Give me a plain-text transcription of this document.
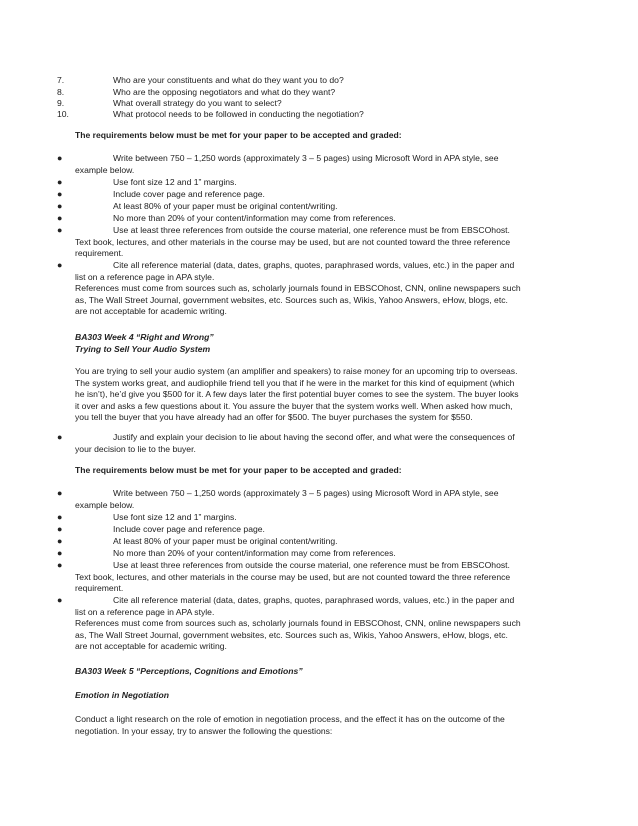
7.	Who are your constituents and what do they want you to do?
8.	Who are the opposing negotiators and what do they want?
9.	What overall strategy do you want to select?
10.	What protocol needs to be followed in conducting the negotiation?
The requirements below must be met for your paper to be accepted and graded:
●	Write between 750 – 1,250 words (approximately 3 – 5 pages) using Microsoft Word in APA style, see
example below.
●	Use font size 12 and 1” margins.
●	Include cover page and reference page.
●	At least 80% of your paper must be original content/writing.
●	No more than 20% of your content/information may come from references.
●	Use at least three references from outside the course material, one reference must be from EBSCOhost.
Text book, lectures, and other materials in the course may be used, but are not counted toward the three reference
requirement.
●	Cite all reference material (data, dates, graphs, quotes, paraphrased words, values, etc.) in the paper and
list on a reference page in APA style.
References must come from sources such as, scholarly journals found in EBSCOhost, CNN, online newspapers such
as, The Wall Street Journal, government websites, etc. Sources such as, Wikis, Yahoo Answers, eHow, blogs, etc.
are not acceptable for academic writing.
BA303 Week 4 “Right and Wrong”
Trying to Sell Your Audio System
You are trying to sell your audio system (an amplifier and speakers) to raise money for an upcoming trip to overseas.
The system works great, and audiophile friend tell you that if he were in the market for this kind of equipment (which
he isn’t), he’d give you $500 for it. A few days later the first potential buyer comes to see the system. The buyer looks
it over and asks a few questions about it. You assure the buyer that the system works well. When asked how much,
you tell the buyer that you have already had an offer for $500. The buyer purchases the system for $550.
●	Justify and explain your decision to lie about having the second offer, and what were the consequences of
your decision to lie to the buyer.
The requirements below must be met for your paper to be accepted and graded:
●	Write between 750 – 1,250 words (approximately 3 – 5 pages) using Microsoft Word in APA style, see
example below.
●	Use font size 12 and 1” margins.
●	Include cover page and reference page.
●	At least 80% of your paper must be original content/writing.
●	No more than 20% of your content/information may come from references.
●	Use at least three references from outside the course material, one reference must be from EBSCOhost.
Text book, lectures, and other materials in the course may be used, but are not counted toward the three reference
requirement.
●	Cite all reference material (data, dates, graphs, quotes, paraphrased words, values, etc.) in the paper and
list on a reference page in APA style.
References must come from sources such as, scholarly journals found in EBSCOhost, CNN, online newspapers such
as, The Wall Street Journal, government websites, etc. Sources such as, Wikis, Yahoo Answers, eHow, blogs, etc.
are not acceptable for academic writing.
BA303 Week 5 “Perceptions, Cognitions and Emotions”
Emotion in Negotiation
Conduct a light research on the role of emotion in negotiation process, and the effect it has on the outcome of the
negotiation. In your essay, try to answer the following the questions:
